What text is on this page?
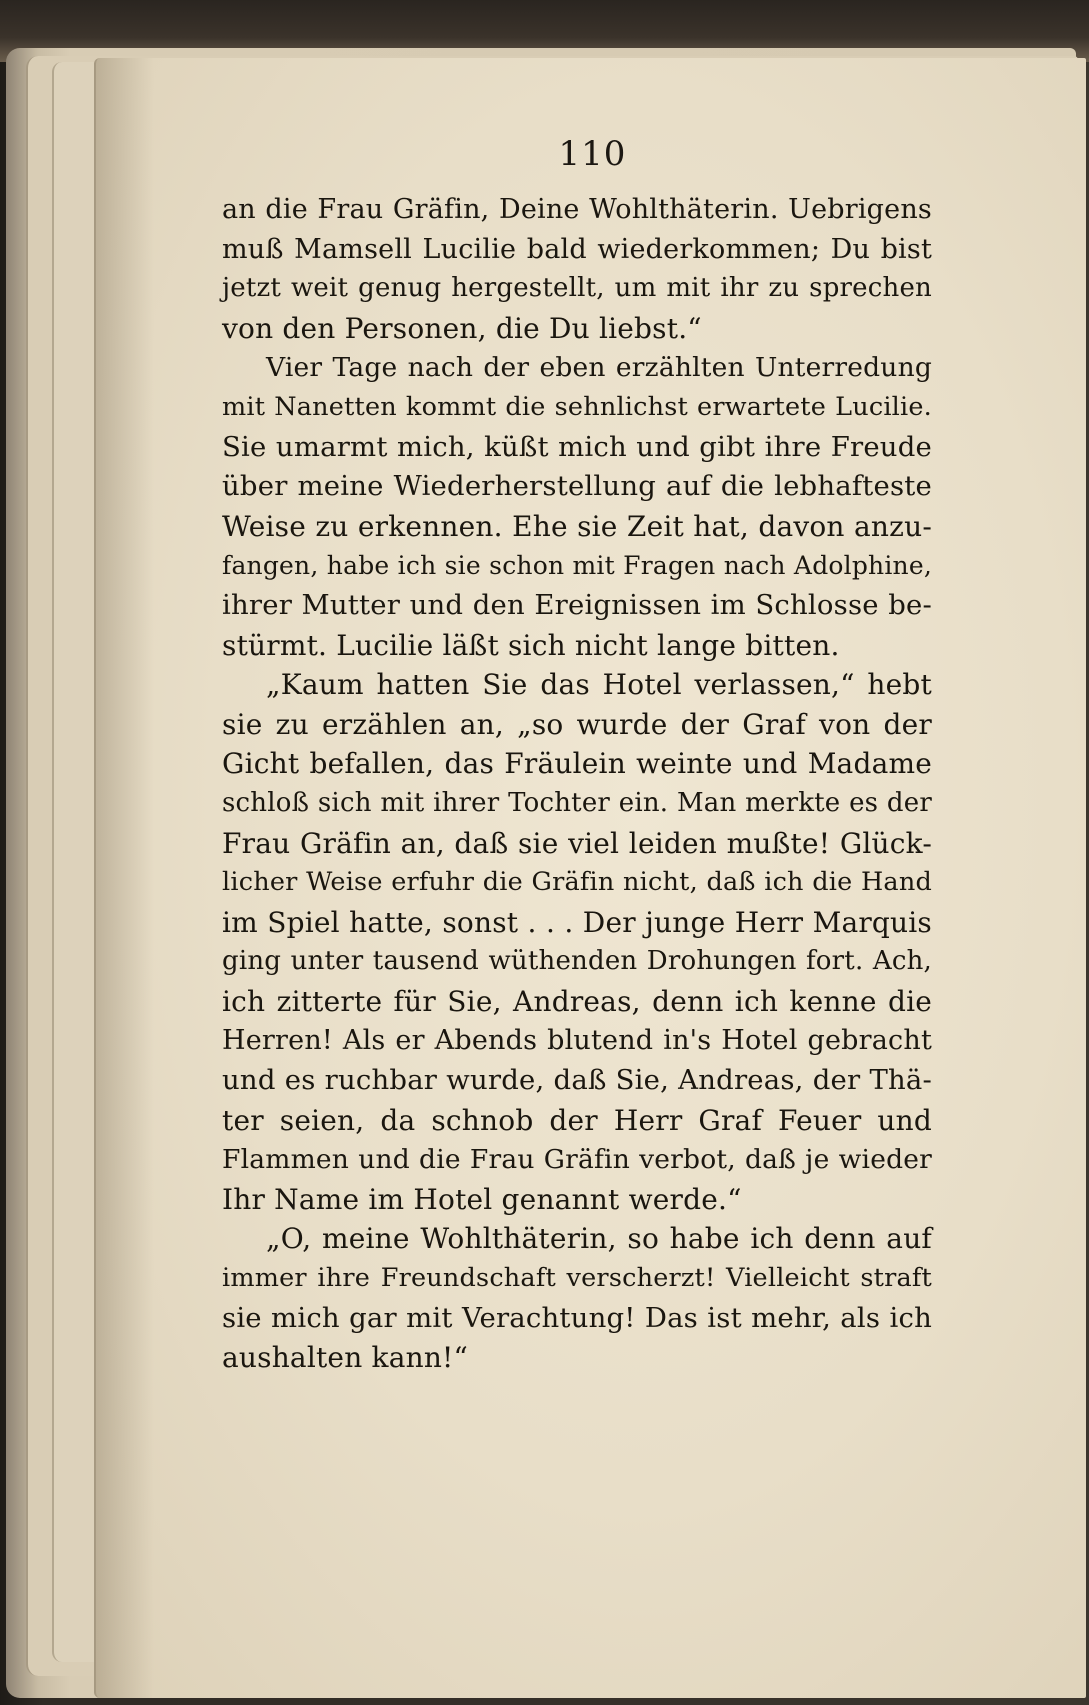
110
an die Frau Gräfin, Deine Wohlthäterin. Uebrigens
muß Mamsell Lucilie bald wiederkommen; Du bist
jetzt weit genug hergestellt, um mit ihr zu sprechen
von den Personen, die Du liebst.“
Vier Tage nach der eben erzählten Unterredung
mit Nanetten kommt die sehnlichst erwartete Lucilie.
Sie umarmt mich, küßt mich und gibt ihre Freude
über meine Wiederherstellung auf die lebhafteste
Weise zu erkennen. Ehe sie Zeit hat, davon anzu-
fangen, habe ich sie schon mit Fragen nach Adolphine,
ihrer Mutter und den Ereignissen im Schlosse be-
stürmt. Lucilie läßt sich nicht lange bitten.
„Kaum hatten Sie das Hotel verlassen,“ hebt
sie zu erzählen an, „so wurde der Graf von der
Gicht befallen, das Fräulein weinte und Madame
schloß sich mit ihrer Tochter ein. Man merkte es der
Frau Gräfin an, daß sie viel leiden mußte! Glück-
licher Weise erfuhr die Gräfin nicht, daß ich die Hand
im Spiel hatte, sonst . . . Der junge Herr Marquis
ging unter tausend wüthenden Drohungen fort. Ach,
ich zitterte für Sie, Andreas, denn ich kenne die
Herren! Als er Abends blutend in's Hotel gebracht
und es ruchbar wurde, daß Sie, Andreas, der Thä-
ter seien, da schnob der Herr Graf Feuer und
Flammen und die Frau Gräfin verbot, daß je wieder
Ihr Name im Hotel genannt werde.“
„O, meine Wohlthäterin, so habe ich denn auf
immer ihre Freundschaft verscherzt! Vielleicht straft
sie mich gar mit Verachtung! Das ist mehr, als ich
aushalten kann!“
